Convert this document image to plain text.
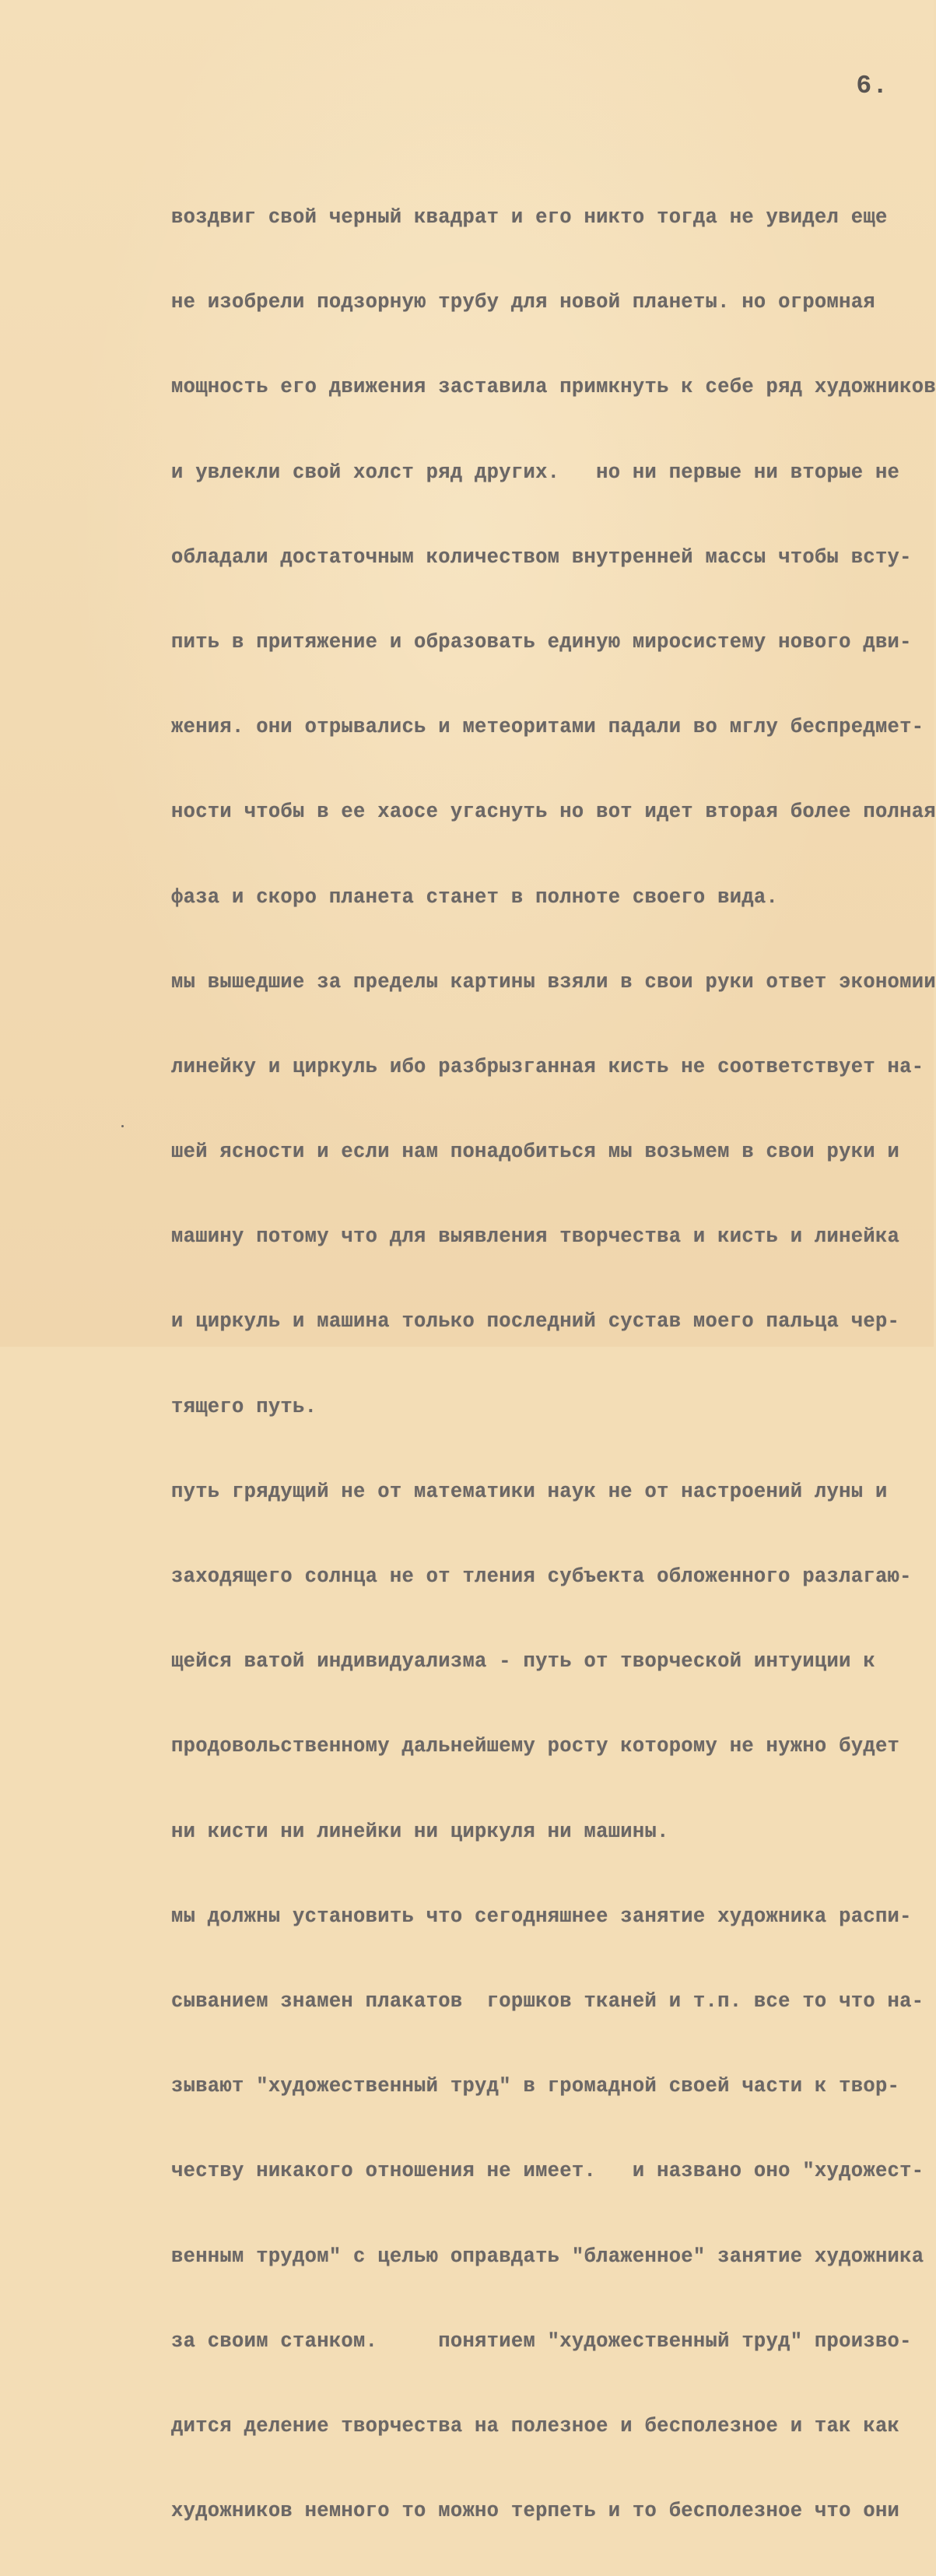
6.

воздвиг свой черный квадрат и его никто тогда не увидел еще

не изобрели подзорную трубу для новой планеты. но огромная

мощность его движения заставила примкнуть к себе ряд художников

и увлекли свой холст ряд других.   но ни первые ни вторые не

обладали достаточным количеством внутренней массы чтобы всту-

пить в притяжение и образовать единую миросистему нового дви-

жения. они отрывались и метеоритами падали во мглу беспредмет-

ности чтобы в ее хаосе угаснуть но вот идет вторая более полная

фаза и скоро планета станет в полноте своего вида.

мы вышедшие за пределы картины взяли в свои руки ответ экономии

линейку и циркуль ибо разбрызганная кисть не соответствует на-

шей ясности и если нам понадобиться мы возьмем в свои руки и

машину потому что для выявления творчества и кисть и линейка

и циркуль и машина только последний сустав моего пальца чер-

тящего путь.

путь грядущий не от математики наук не от настроений луны и

заходящего солнца не от тления субъекта обложенного разлагаю-

щейся ватой индивидуализма - путь от творческой интуиции к

продовольственному дальнейшему росту которому не нужно будет

ни кисти ни линейки ни циркуля ни машины.

мы должны установить что сегодняшнее занятие художника распи-

сыванием знамен плакатов  горшков тканей и т.п. все то что на-

зывают "художественный труд" в громадной своей части к твор-

честву никакого отношения не имеет.   и названо оно "художест-

венным трудом" с целью оправдать "блаженное" занятие художника

за своим станком.     понятием "художественный труд" произво-

дится деление творчества на полезное и бесполезное и так как

художников немного то можно терпеть и то бесполезное что они
